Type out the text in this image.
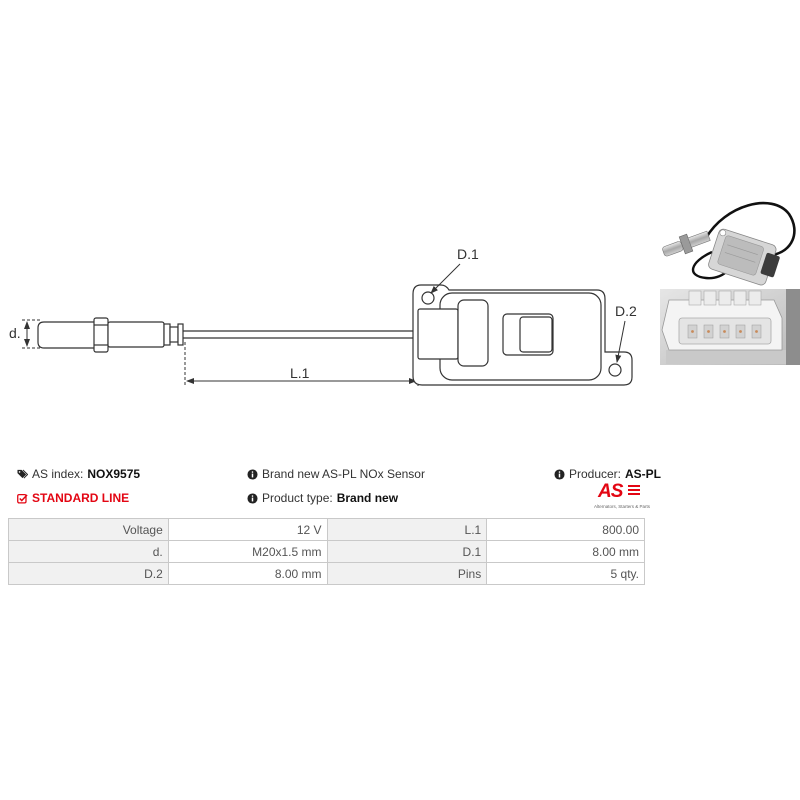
d.
L.1
D.1
D.2
AS index: NOX9575	Brand new AS-PL NOx Sensor	Producer: AS-PL
STANDARD LINE	Product type: Brand new	AS
Alternators, Starters & Parts
Voltage	12 V	L.1	800.00
d.	M20x1.5 mm	D.1	8.00 mm
D.2	8.00 mm	Pins	5 qty.
